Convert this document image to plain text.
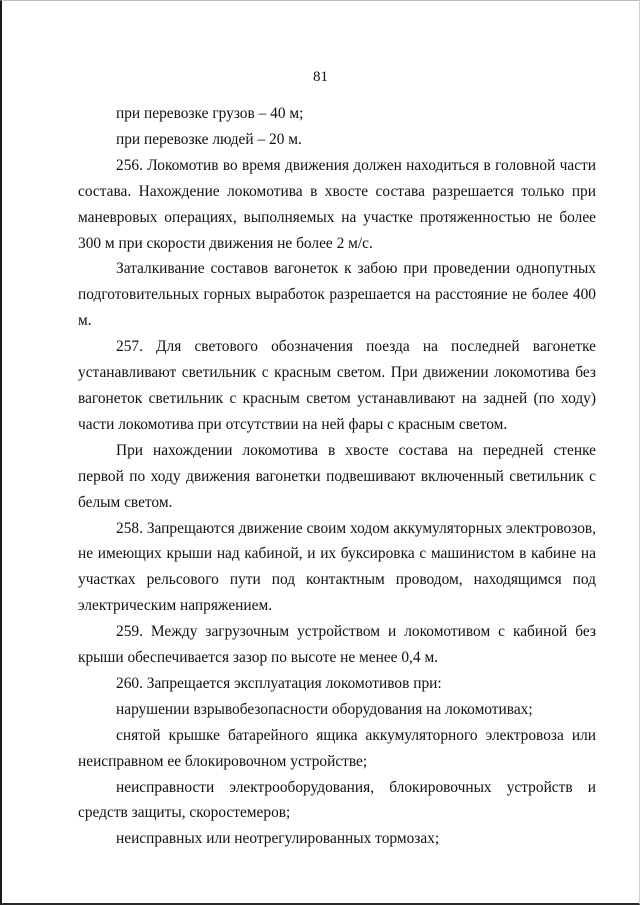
81

при перевозке грузов – 40 м;

при перевозке людей – 20 м.

256. Локомотив во время движения должен находиться в головной части состава. Нахождение локомотива в хвосте состава разрешается только при маневровых операциях, выполняемых на участке протяженностью не более 300 м при скорости движения не более 2 м/с.

Заталкивание составов вагонеток к забою при проведении однопутных подготовительных горных выработок разрешается на расстояние не более 400 м.

257. Для светового обозначения поезда на последней вагонетке устанавливают светильник с красным светом. При движении локомотива без вагонеток светильник с красным светом устанавливают на задней (по ходу) части локомотива при отсутствии на ней фары с красным светом.

При нахождении локомотива в хвосте состава на передней стенке первой по ходу движения вагонетки подвешивают включенный светильник с белым светом.

258. Запрещаются движение своим ходом аккумуляторных электровозов, не имеющих крыши над кабиной, и их буксировка с машинистом в кабине на участках рельсового пути под контактным проводом, находящимся под электрическим напряжением.

259. Между загрузочным устройством и локомотивом с кабиной без крыши обеспечивается зазор по высоте не менее 0,4 м.

260. Запрещается эксплуатация локомотивов при:

нарушении взрывобезопасности оборудования на локомотивах;

снятой крышке батарейного ящика аккумуляторного электровоза или неисправном ее блокировочном устройстве;

неисправности электрооборудования, блокировочных устройств и средств защиты, скоростемеров;

неисправных или неотрегулированных тормозах;
